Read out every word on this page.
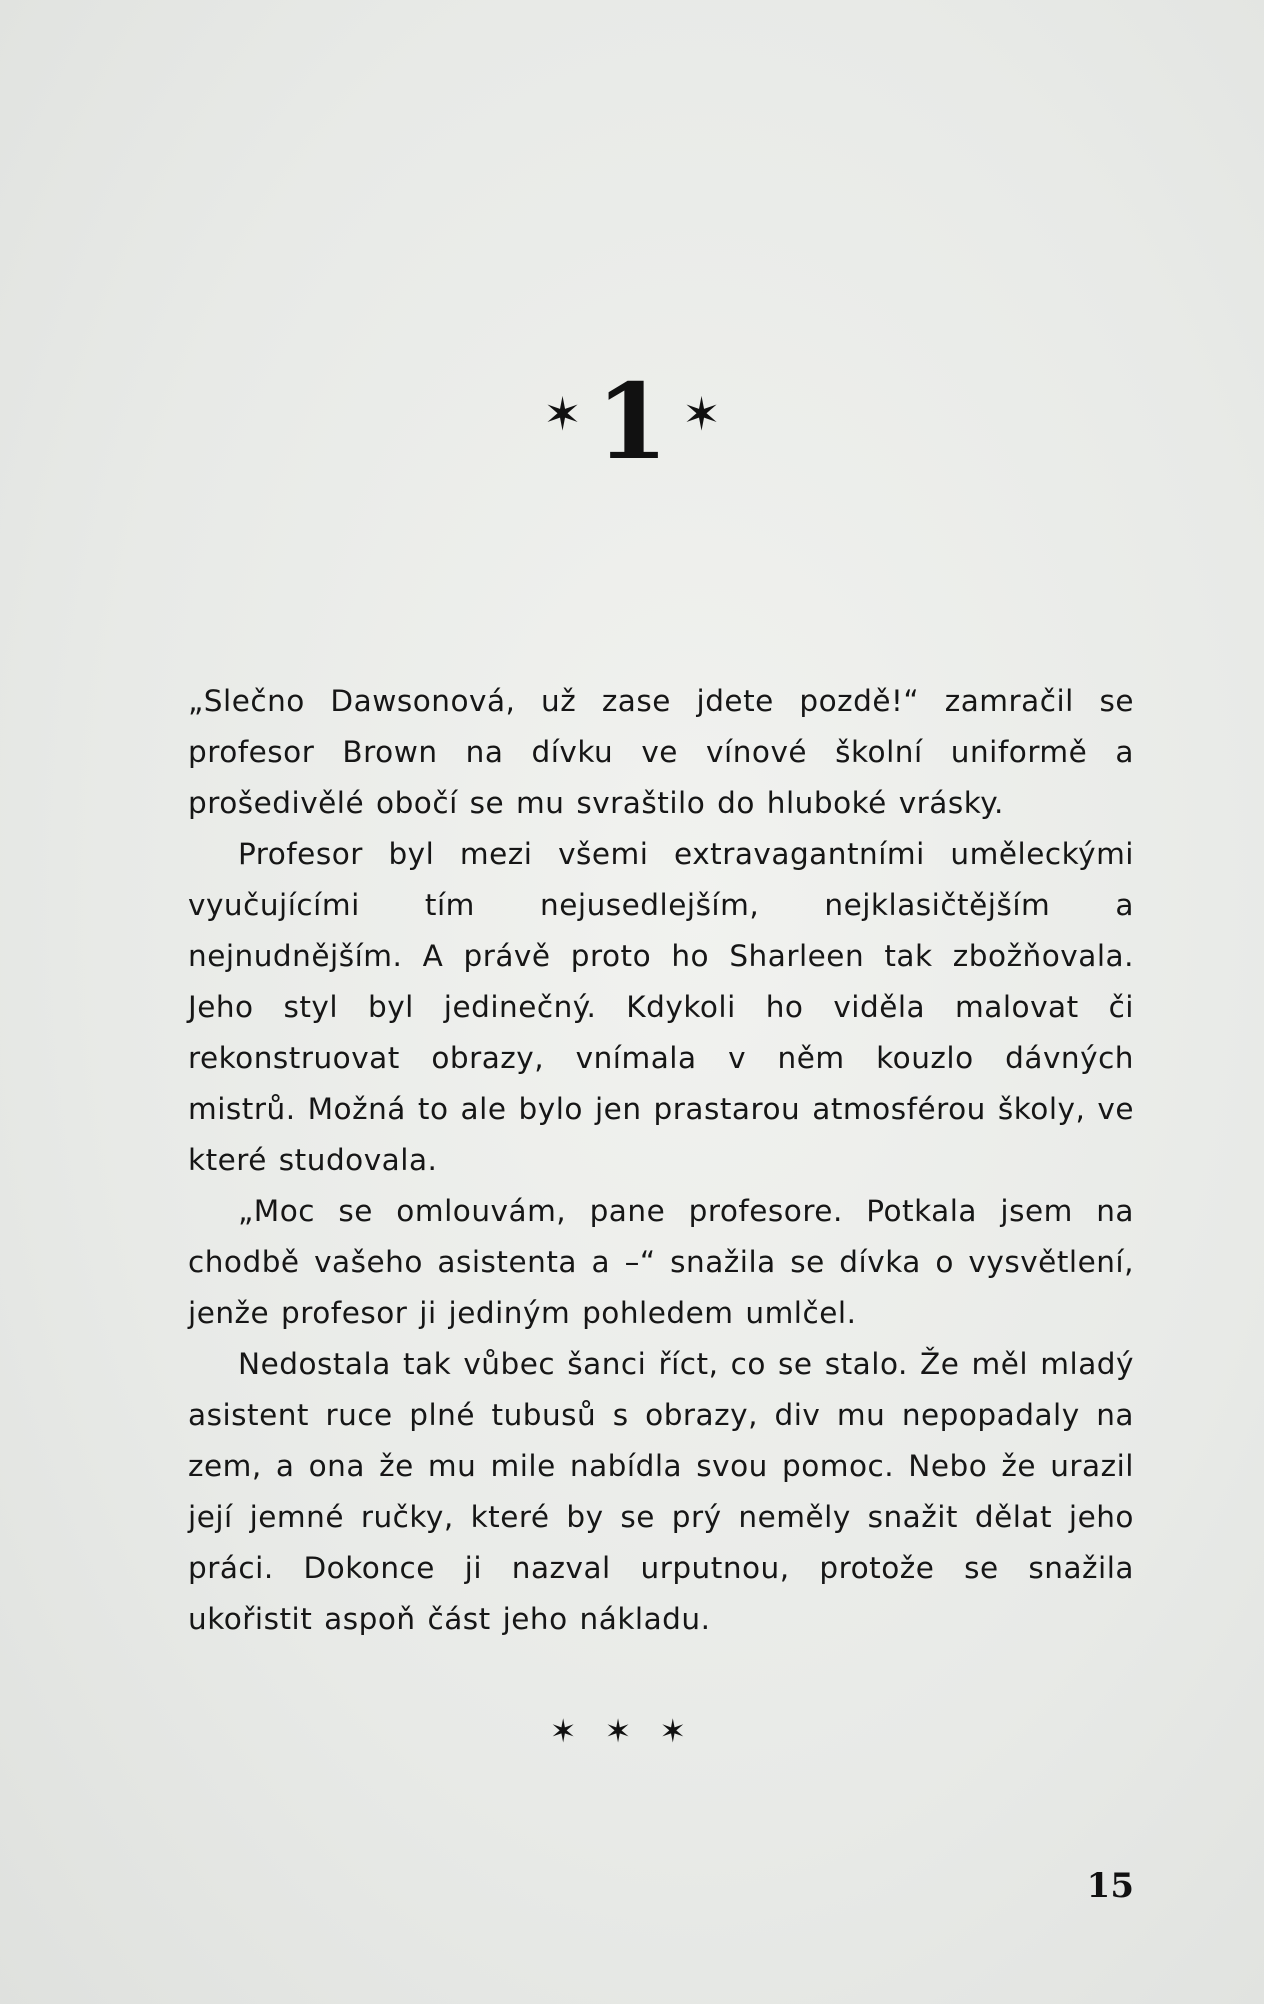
✶ 1 ✶

„Slečno Dawsonová, už zase jdete pozdě!“ zamračil se profesor Brown na dívku ve vínové školní uniformě a prošedivělé obočí se mu svraštilo do hluboké vrásky.

Profesor byl mezi všemi extravagantními uměleckými vyučujícími tím nejusedlejším, nejklasičtějším a nejnudnějším. A právě proto ho Sharleen tak zbožňovala. Jeho styl byl jedinečný. Kdykoli ho viděla malovat či rekonstruovat obrazy, vnímala v něm kouzlo dávných mistrů. Možná to ale bylo jen prastarou atmosférou školy, ve které studovala.

„Moc se omlouvám, pane profesore. Potkala jsem na chodbě vašeho asistenta a –“ snažila se dívka o vysvětlení, jenže profesor ji jediným pohledem umlčel.

Nedostala tak vůbec šanci říct, co se stalo. Že měl mladý asistent ruce plné tubusů s obrazy, div mu nepopadaly na zem, a ona že mu mile nabídla svou pomoc. Nebo že urazil její jemné ručky, které by se prý neměly snažit dělat jeho práci. Dokonce ji nazval urputnou, protože se snažila ukořistit aspoň část jeho nákladu.

✶✶✶
15
